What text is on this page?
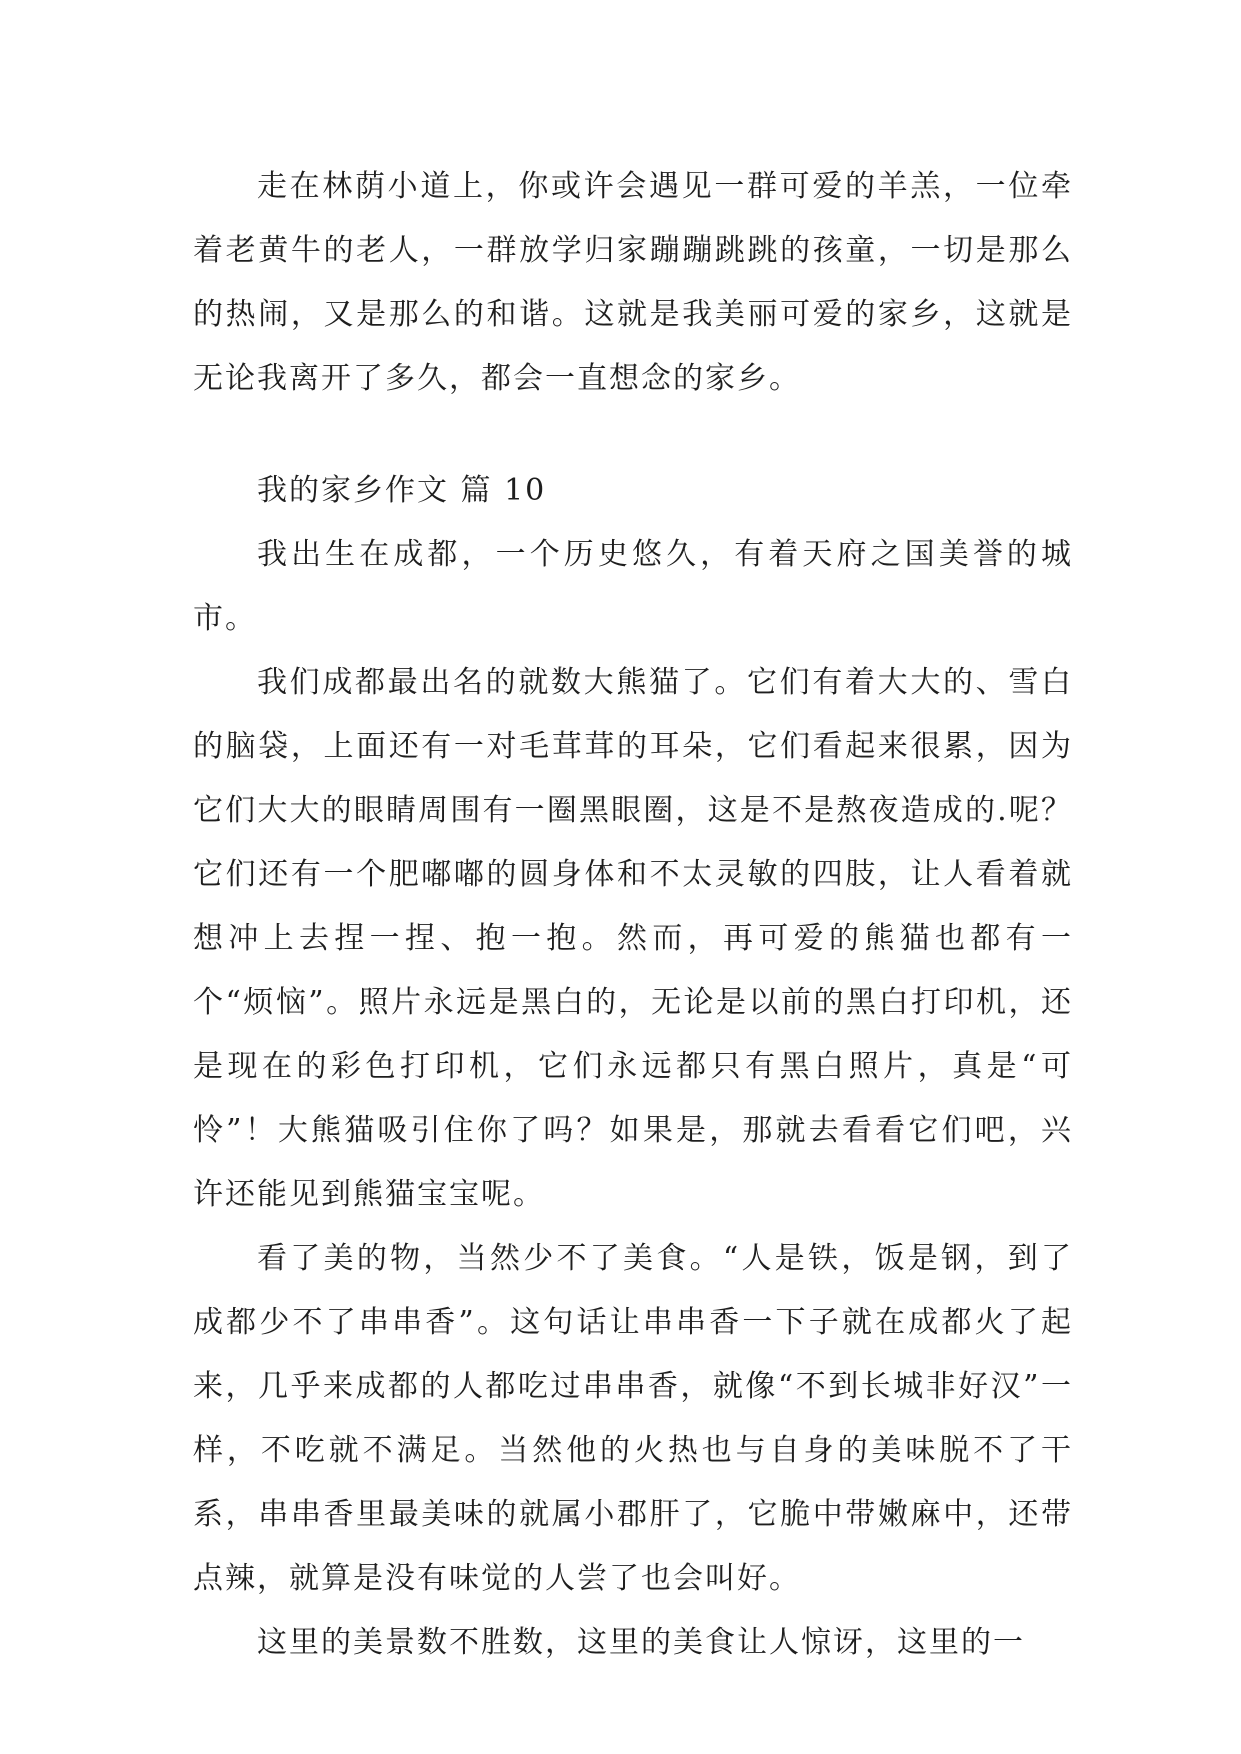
走在林荫小道上，你或许会遇见一群可爱的羊羔，一位牵着老黄牛的老人，一群放学归家蹦蹦跳跳的孩童，一切是那么的热闹，又是那么的和谐。这就是我美丽可爱的家乡，这就是无论我离开了多久，都会一直想念的家乡。

我的家乡作文 篇 10

我出生在成都，一个历史悠久，有着天府之国美誉的城市。

我们成都最出名的就数大熊猫了。它们有着大大的、雪白的脑袋，上面还有一对毛茸茸的耳朵，它们看起来很累，因为它们大大的眼睛周围有一圈黑眼圈，这是不是熬夜造成的.呢？它们还有一个肥嘟嘟的圆身体和不太灵敏的四肢，让人看着就想冲上去捏一捏、抱一抱。然而，再可爱的熊猫也都有一个“烦恼”。照片永远是黑白的，无论是以前的黑白打印机，还是现在的彩色打印机，它们永远都只有黑白照片，真是“可怜”！大熊猫吸引住你了吗？如果是，那就去看看它们吧，兴许还能见到熊猫宝宝呢。

看了美的物，当然少不了美食。“人是铁，饭是钢，到了成都少不了串串香”。这句话让串串香一下子就在成都火了起来，几乎来成都的人都吃过串串香，就像“不到长城非好汉”一样，不吃就不满足。当然他的火热也与自身的美味脱不了干系，串串香里最美味的就属小郡肝了，它脆中带嫩麻中，还带点辣，就算是没有味觉的人尝了也会叫好。

这里的美景数不胜数，这里的美食让人惊讶，这里的一
